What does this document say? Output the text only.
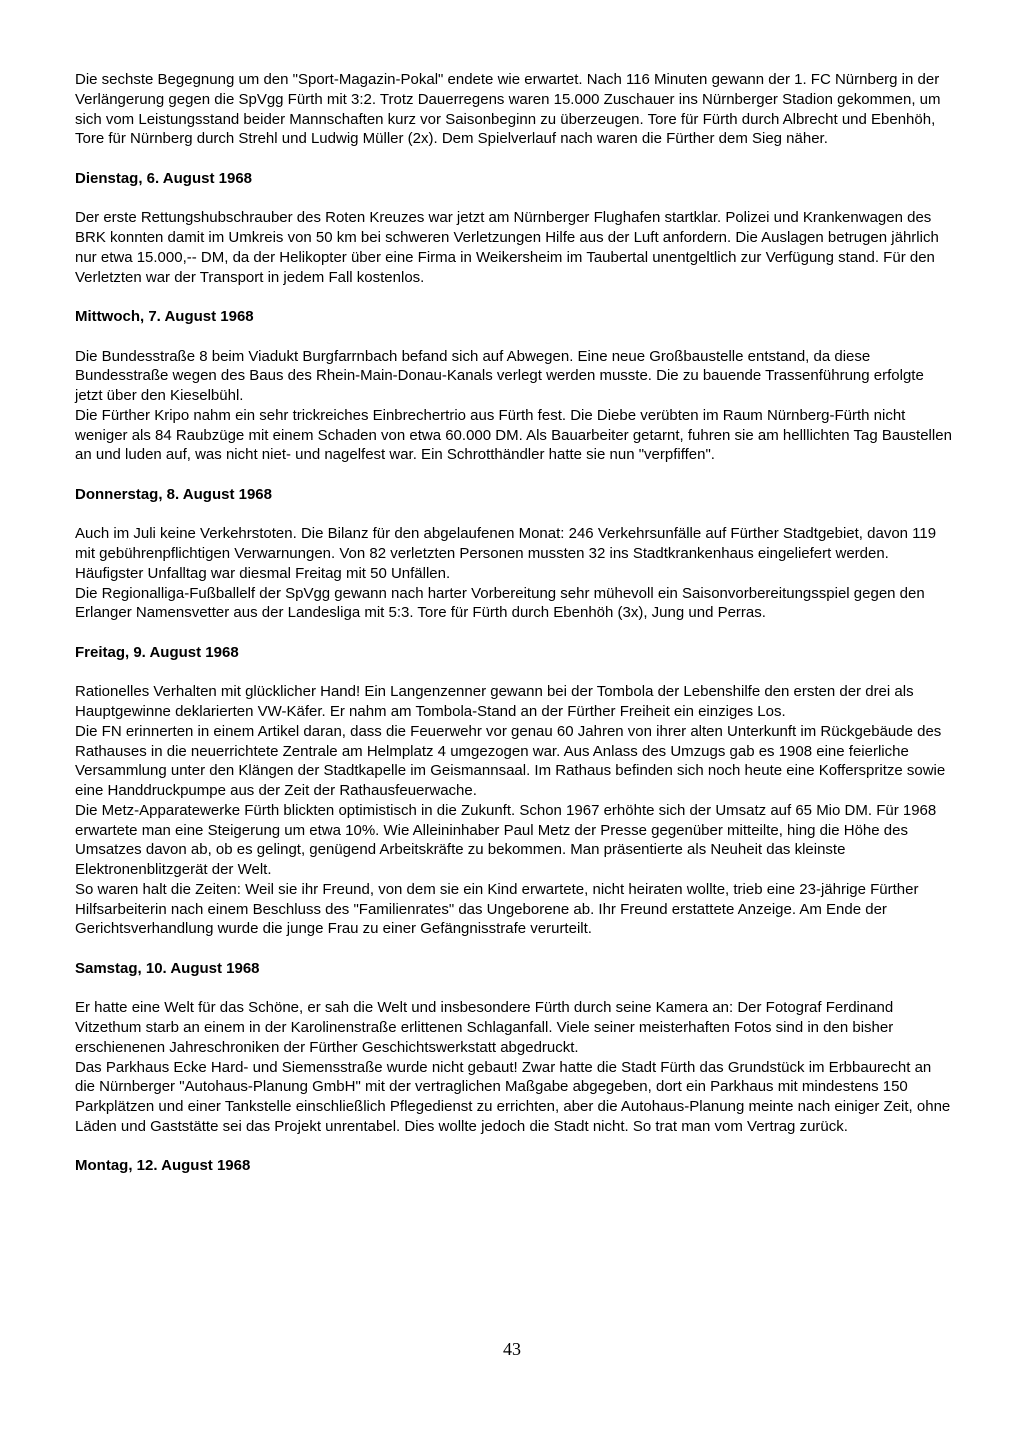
Die sechste Begegnung um den "Sport-Magazin-Pokal" endete wie erwartet. Nach 116 Minuten gewann der 1. FC Nürnberg in der Verlängerung gegen die SpVgg Fürth mit 3:2. Trotz Dauerregens waren 15.000 Zuschauer ins Nürnberger Stadion gekommen, um sich vom Leistungsstand beider Mannschaften kurz vor Saisonbeginn zu überzeugen. Tore für Fürth durch Albrecht und Ebenhöh, Tore für Nürnberg durch Strehl und Ludwig Müller (2x). Dem Spielverlauf nach waren die Fürther dem Sieg näher.

Dienstag, 6. August 1968

Der erste Rettungshubschrauber des Roten Kreuzes war jetzt am Nürnberger Flughafen startklar. Polizei und Krankenwagen des BRK konnten damit im Umkreis von 50 km bei schweren Verletzungen Hilfe aus der Luft anfordern. Die Auslagen betrugen jährlich nur etwa 15.000,-- DM, da der Helikopter über eine Firma in Weikersheim im Taubertal unentgeltlich zur Verfügung stand. Für den Verletzten war der Transport in jedem Fall kostenlos.

Mittwoch, 7. August 1968

Die Bundesstraße 8 beim Viadukt Burgfarrnbach befand sich auf Abwegen. Eine neue Großbaustelle entstand, da diese Bundesstraße wegen des Baus des Rhein-Main-Donau-Kanals verlegt werden musste. Die zu bauende Trassenführung erfolgte jetzt über den Kieselbühl.

Die Fürther Kripo nahm ein sehr trickreiches Einbrechertrio aus Fürth fest. Die Diebe verübten im Raum Nürnberg-Fürth nicht weniger als 84 Raubzüge mit einem Schaden von etwa 60.000 DM. Als Bauarbeiter getarnt, fuhren sie am helllichten Tag Baustellen an und luden auf, was nicht niet- und nagelfest war. Ein Schrotthändler hatte sie nun "verpfiffen".

Donnerstag, 8. August 1968

Auch im Juli keine Verkehrstoten. Die Bilanz für den abgelaufenen Monat: 246 Verkehrsunfälle auf Fürther Stadtgebiet, davon 119 mit gebührenpflichtigen Verwarnungen. Von 82 verletzten Personen mussten 32 ins Stadtkrankenhaus eingeliefert werden. Häufigster Unfalltag war diesmal Freitag mit 50 Unfällen.

Die Regionalliga-Fußballelf der SpVgg gewann nach harter Vorbereitung sehr mühevoll ein Saisonvorbereitungsspiel gegen den Erlanger Namensvetter aus der Landesliga mit 5:3. Tore für Fürth durch Ebenhöh (3x), Jung und Perras.

Freitag, 9. August 1968

Rationelles Verhalten mit glücklicher Hand! Ein Langenzenner gewann bei der Tombola der Lebenshilfe den ersten der drei als Hauptgewinne deklarierten VW-Käfer. Er nahm am Tombola-Stand an der Fürther Freiheit ein einziges Los.

Die FN erinnerten in einem Artikel daran, dass die Feuerwehr vor genau 60 Jahren von ihrer alten Unterkunft im Rückgebäude des Rathauses in die neuerrichtete Zentrale am Helmplatz 4 umgezogen war. Aus Anlass des Umzugs gab es 1908 eine feierliche Versammlung unter den Klängen der Stadtkapelle im Geismannsaal. Im Rathaus befinden sich noch heute eine Kofferspritze sowie eine Handdruckpumpe aus der Zeit der Rathausfeuerwache.

Die Metz-Apparatewerke Fürth blickten optimistisch in die Zukunft. Schon 1967 erhöhte sich der Umsatz auf 65 Mio DM. Für 1968 erwartete man eine Steigerung um etwa 10%. Wie Alleininhaber Paul Metz der Presse gegenüber mitteilte, hing die Höhe des Umsatzes davon ab, ob es gelingt, genügend Arbeitskräfte zu bekommen. Man präsentierte als Neuheit das kleinste Elektronenblitzgerät der Welt.

So waren halt die Zeiten: Weil sie ihr Freund, von dem sie ein Kind erwartete, nicht heiraten wollte, trieb eine 23-jährige Fürther Hilfsarbeiterin nach einem Beschluss des "Familienrates" das Ungeborene ab. Ihr Freund erstattete Anzeige. Am Ende der Gerichtsverhandlung wurde die junge Frau zu einer Gefängnisstrafe verurteilt.

Samstag, 10. August 1968

Er hatte eine Welt für das Schöne, er sah die Welt und insbesondere Fürth durch seine Kamera an: Der Fotograf Ferdinand Vitzethum starb an einem in der Karolinenstraße erlittenen Schlaganfall. Viele seiner meisterhaften Fotos sind in den bisher erschienenen Jahreschroniken der Fürther Geschichtswerkstatt abgedruckt.

Das Parkhaus Ecke Hard- und Siemensstraße wurde nicht gebaut! Zwar hatte die Stadt Fürth das Grundstück im Erbbaurecht an die Nürnberger "Autohaus-Planung GmbH" mit der vertraglichen Maßgabe abgegeben, dort ein Parkhaus mit mindestens 150 Parkplätzen und einer Tankstelle einschließlich Pflegedienst zu errichten, aber die Autohaus-Planung meinte nach einiger Zeit, ohne Läden und Gaststätte sei das Projekt unrentabel. Dies wollte jedoch die Stadt nicht. So trat man vom Vertrag zurück.

Montag, 12. August 1968
43
